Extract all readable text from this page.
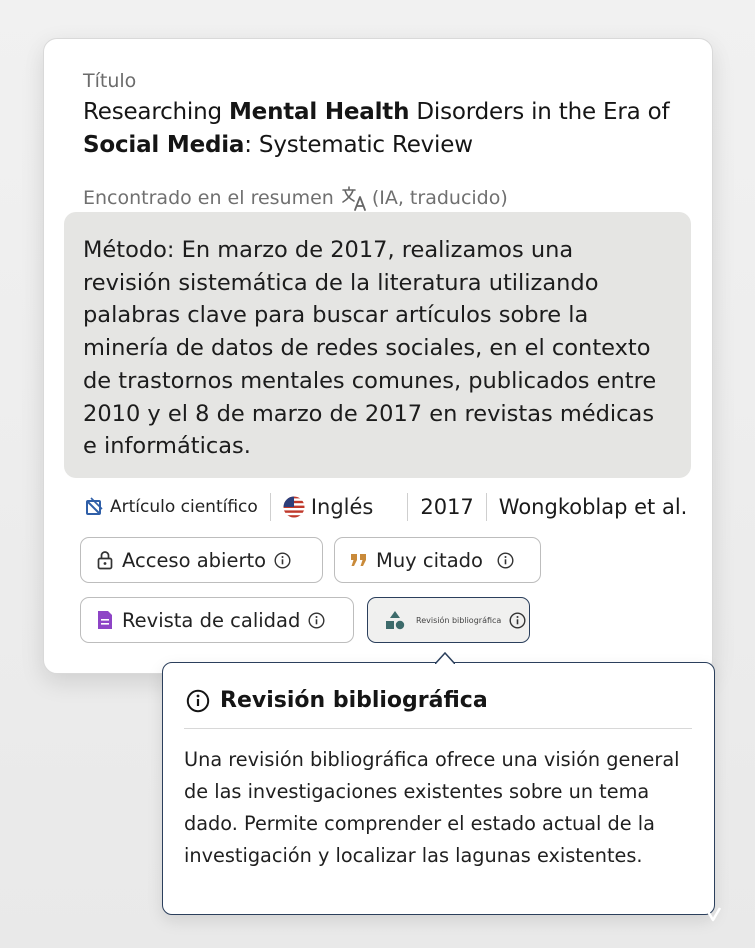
Título
Researching Mental Health Disorders in the Era of
Social Media: Systematic Review
Encontrado en el resumen (IA, traducido)
Método: En marzo de 2017, realizamos una revisión sistemática de la literatura utilizando palabras clave para buscar artículos sobre la minería de datos de redes sociales, en el contexto de trastornos mentales comunes, publicados entre 2010 y el 8 de marzo de 2017 en revistas médicas e informáticas.
Artículo científico	Inglés 2017 Wongkoblap et al.
Acceso abierto	Muy citado
Revista de calidad	Revisión bibliográfica
Revisión bibliográfica
Una revisión bibliográfica ofrece una visión general de las investigaciones existentes sobre un tema dado. Permite comprender el estado actual de la investigación y localizar las lagunas existentes.
